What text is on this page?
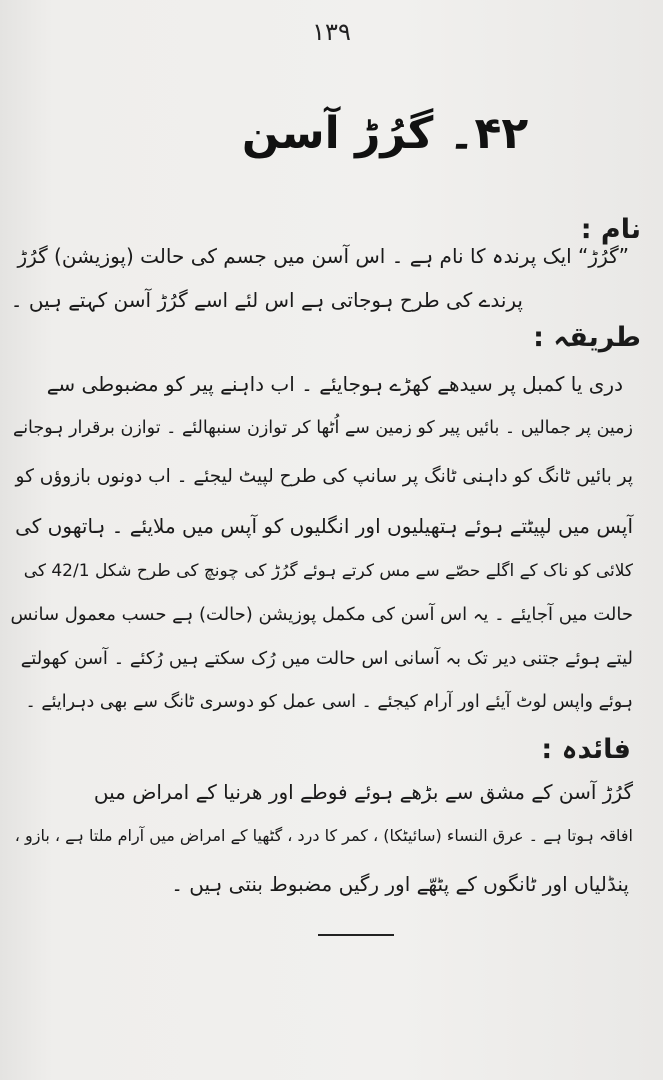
۱۳۹
۴۲۔ گرُڑ آسن
نام :
”گرُڑ“ ایک پرندہ کا نام ہے ۔ اس آسن میں جسم کی حالت (پوزیشن) گرُڑ
پرندے کی طرح ہوجاتی ہے اس لئے اسے گرُڑ آسن کہتے ہیں ۔
طریقہ :
دری یا کمبل پر سیدھے کھڑے ہوجایئے ۔ اب داہنے پیر کو مضبوطی سے
زمین پر جمالیں ۔ بائیں پیر کو زمین سے اُٹھا کر توازن سنبھالئے ۔ توازن برقرار ہوجانے
پر بائیں ٹانگ کو داہنی ٹانگ پر سانپ کی طرح لپیٹ لیجئے ۔ اب دونوں بازوؤں کو
آپس میں لپیٹتے ہوئے ہتھیلیوں اور انگلیوں کو آپس میں ملایئے ۔ ہاتھوں کی
کلائی کو ناک کے اگلے حصّے سے مس کرتے ہوئے گرُڑ کی چونچ کی طرح شکل 42/1 کی
حالت میں آجایئے ۔ یہ اس آسن کی مکمل پوزیشن (حالت) ہے حسب معمول سانس
لیتے ہوئے جتنی دیر تک بہ آسانی اس حالت میں رُک سکتے ہیں رُکئے ۔ آسن کھولتے
ہوئے واپس لوٹ آیئے اور آرام کیجئے ۔ اسی عمل کو دوسری ٹانگ سے بھی دہرایئے ۔
فائدہ :
گرُڑ آسن کے مشق سے بڑھے ہوئے فوطے اور ھرنیا کے امراض میں
افاقہ ہوتا ہے ۔ عرق النساء (سائیٹکا) ، کمر کا درد ، گٹھیا کے امراض میں آرام ملتا ہے ، بازو ،
پنڈلیاں اور ٹانگوں کے پٹھّے اور رگیں مضبوط بنتی ہیں ۔
